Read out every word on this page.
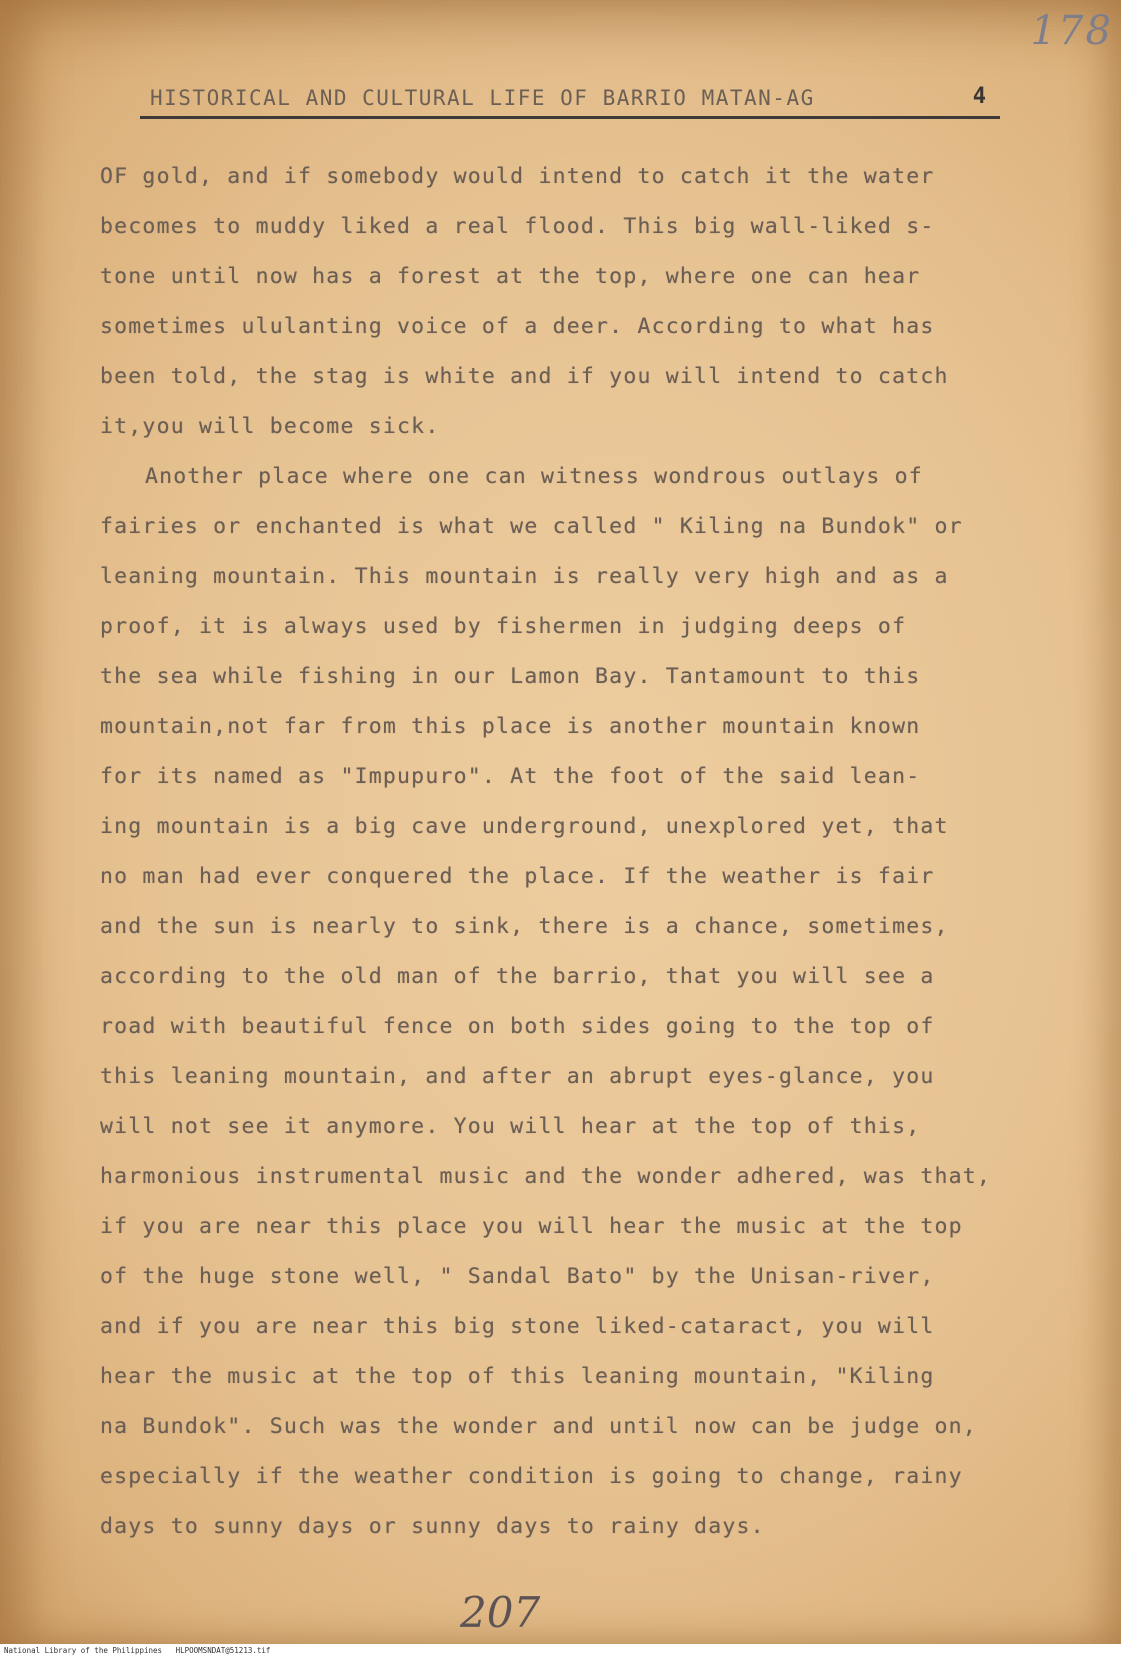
178
HISTORICAL AND CULTURAL LIFE OF BARRIO MATAN-AG	4
OF gold, and if somebody would intend to catch it the water
becomes to muddy liked a real flood. This big wall-liked s-
tone until now has a forest at the top, where one can hear
sometimes ululanting voice of a deer. According to what has
been told, the stag is white and if you will intend to catch
it,you will become sick.
Another place where one can witness wondrous outlays of
fairies or enchanted is what we called " Kiling na Bundok" or
leaning mountain. This mountain is really very high and as a
proof, it is always used by fishermen in judging deeps of
the sea while fishing in our Lamon Bay. Tantamount to this
mountain,not far from this place is another mountain known
for its named as "Impupuro". At the foot of the said lean-
ing mountain is a big cave underground, unexplored yet, that
no man had ever conquered the place. If the weather is fair
and the sun is nearly to sink, there is a chance, sometimes,
according to the old man of the barrio, that you will see a
road with beautiful fence on both sides going to the top of
this leaning mountain, and after an abrupt eyes-glance, you
will not see it anymore. You will hear at the top of this,
harmonious instrumental music and the wonder adhered, was that,
if you are near this place you will hear the music at the top
of the huge stone well, " Sandal Bato" by the Unisan-river,
and if you are near this big stone liked-cataract, you will
hear the music at the top of this leaning mountain, "Kiling
na Bundok". Such was the wonder and until now can be judge on,
especially if the weather condition is going to change, rainy
days to sunny days or sunny days to rainy days.
207
National Library of the Philippines HLPOOMSNDAT@51213.tif
